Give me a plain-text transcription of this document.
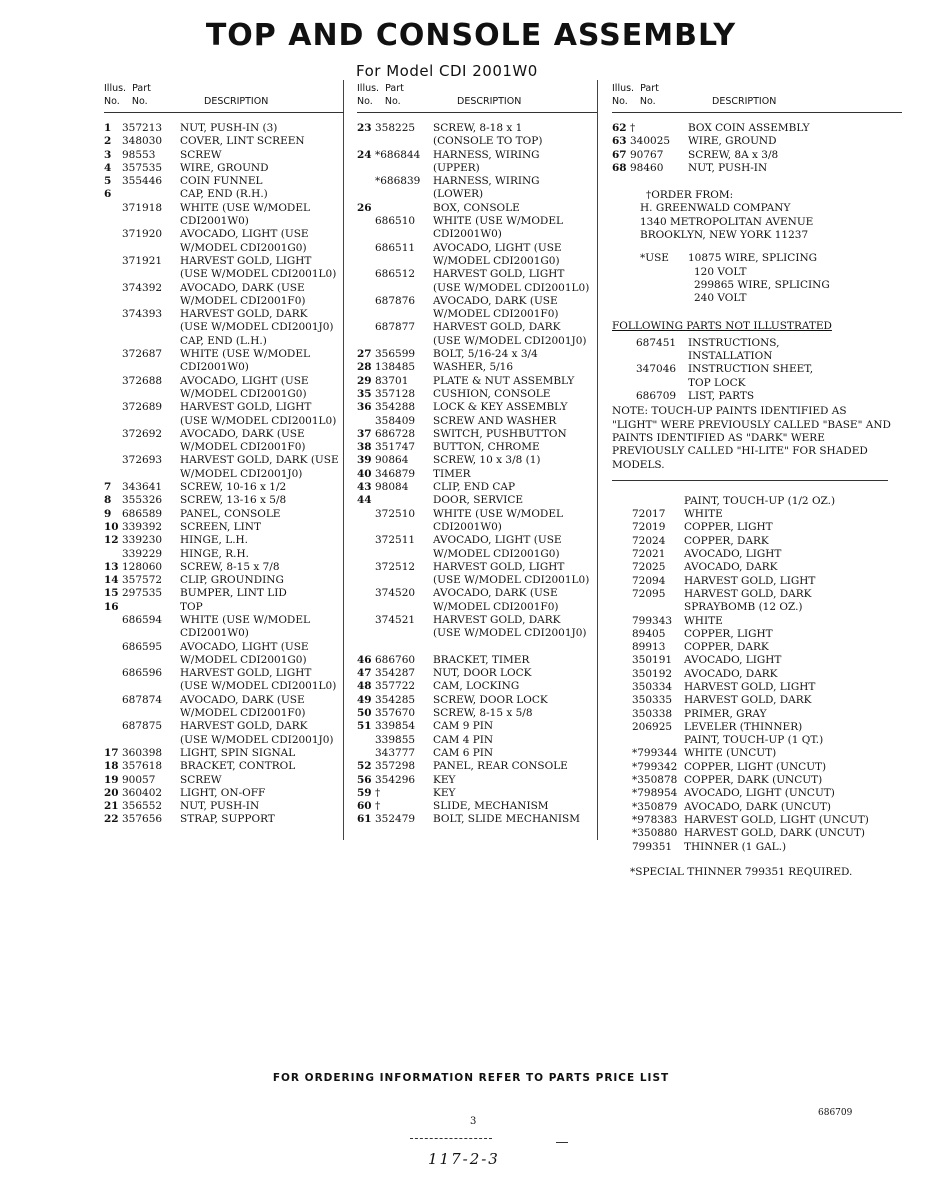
TOP AND CONSOLE ASSEMBLY
For Model CDI 2001W0
Illus. Part
No. No.	DESCRIPTION
1	357213	NUT, PUSH-IN (3)
2	348030	COVER, LINT SCREEN
3	98553	SCREW
4	357535	WIRE, GROUND
5	355446	COIN FUNNEL
6	CAP, END (R.H.)
371918	WHITE (USE W/MODEL
CDI2001W0)
371920	AVOCADO, LIGHT (USE
W/MODEL CDI2001G0)
371921	HARVEST GOLD, LIGHT
(USE W/MODEL CDI2001L0)
374392	AVOCADO, DARK (USE
W/MODEL CDI2001F0)
374393	HARVEST GOLD, DARK
(USE W/MODEL CDI2001J0)
CAP, END (L.H.)
372687	WHITE (USE W/MODEL
CDI2001W0)
372688	AVOCADO, LIGHT (USE
W/MODEL CDI2001G0)
372689	HARVEST GOLD, LIGHT
(USE W/MODEL CDI2001L0)
372692	AVOCADO, DARK (USE
W/MODEL CDI2001F0)
372693	HARVEST GOLD, DARK (USE
W/MODEL CDI2001J0)
7	343641	SCREW, 10-16 x 1/2
8	355326	SCREW, 13-16 x 5/8
9	686589	PANEL, CONSOLE
10 339392	SCREEN, LINT
12 339230	HINGE, L.H.
339229	HINGE, R.H.
13 128060	SCREW, 8-15 x 7/8
14 357572	CLIP, GROUNDING
15 297535	BUMPER, LINT LID
16	TOP
686594	WHITE (USE W/MODEL
CDI2001W0)
686595	AVOCADO, LIGHT (USE
W/MODEL CDI2001G0)
686596	HARVEST GOLD, LIGHT
(USE W/MODEL CDI2001L0)
687874	AVOCADO, DARK (USE
W/MODEL CDI2001F0)
687875	HARVEST GOLD, DARK
(USE W/MODEL CDI2001J0)
17 360398	LIGHT, SPIN SIGNAL
18 357618	BRACKET, CONTROL
19 90057	SCREW
20 360402	LIGHT, ON-OFF
21 356552	NUT, PUSH-IN
22 357656	STRAP, SUPPORT
Illus. Part
No. No.	DESCRIPTION
23 358225	SCREW, 8-18 x 1
(CONSOLE TO TOP)
24 *686844	HARNESS, WIRING
(UPPER)
*686839	HARNESS, WIRING
(LOWER)
26	BOX, CONSOLE
686510	WHITE (USE W/MODEL
CDI2001W0)
686511	AVOCADO, LIGHT (USE
W/MODEL CDI2001G0)
686512	HARVEST GOLD, LIGHT
(USE W/MODEL CDI2001L0)
687876	AVOCADO, DARK (USE
W/MODEL CDI2001F0)
687877	HARVEST GOLD, DARK
(USE W/MODEL CDI2001J0)
27 356599	BOLT, 5/16-24 x 3/4
28 138485	WASHER, 5/16
29 83701	PLATE & NUT ASSEMBLY
35 357128	CUSHION, CONSOLE
36 354288	LOCK & KEY ASSEMBLY
358409	SCREW AND WASHER
37 686728	SWITCH, PUSHBUTTON
38 351747	BUTTON, CHROME
39 90864	SCREW, 10 x 3/8 (1)
40 346879	TIMER
43 98084	CLIP, END CAP
44	DOOR, SERVICE
372510	WHITE (USE W/MODEL
CDI2001W0)
372511	AVOCADO, LIGHT (USE
W/MODEL CDI2001G0)
372512	HARVEST GOLD, LIGHT
(USE W/MODEL CDI2001L0)
374520	AVOCADO, DARK (USE
W/MODEL CDI2001F0)
374521	HARVEST GOLD, DARK
(USE W/MODEL CDI2001J0)
46 686760	BRACKET, TIMER
47 354287	NUT, DOOR LOCK
48 357722	CAM, LOCKING
49 354285	SCREW, DOOR LOCK
50 357670	SCREW, 8-15 x 5/8
51 339854	CAM 9 PIN
339855	CAM 4 PIN
343777	CAM 6 PIN
52 357298	PANEL, REAR CONSOLE
56 354296	KEY
59 †	KEY
60 †	SLIDE, MECHANISM
61 352479	BOLT, SLIDE MECHANISM
Illus. Part
No. No.	DESCRIPTION
62 †	BOX COIN ASSEMBLY
63 340025	WIRE, GROUND
67 90767	SCREW, 8A x 3/8
68 98460	NUT, PUSH-IN
†ORDER FROM:
H. GREENWALD COMPANY
1340 METROPOLITAN AVENUE
BROOKLYN, NEW YORK 11237
*USE 10875 WIRE, SPLICING
120 VOLT
299865 WIRE, SPLICING
240 VOLT
FOLLOWING PARTS NOT ILLUSTRATED
687451	INSTRUCTIONS,
INSTALLATION
347046	INSTRUCTION SHEET,
TOP LOCK
686709	LIST, PARTS
NOTE: TOUCH-UP PAINTS IDENTIFIED AS "LIGHT" WERE PREVIOUSLY CALLED "BASE" AND PAINTS IDENTIFIED AS "DARK" WERE PREVIOUSLY CALLED "HI-LITE" FOR SHADED MODELS.
PAINT, TOUCH-UP (1/2 OZ.)
72017	WHITE
72019	COPPER, LIGHT
72024	COPPER, DARK
72021	AVOCADO, LIGHT
72025	AVOCADO, DARK
72094	HARVEST GOLD, LIGHT
72095	HARVEST GOLD, DARK
SPRAYBOMB (12 OZ.)
799343	WHITE
89405	COPPER, LIGHT
89913	COPPER, DARK
350191	AVOCADO, LIGHT
350192	AVOCADO, DARK
350334	HARVEST GOLD, LIGHT
350335	HARVEST GOLD, DARK
350338	PRIMER, GRAY
206925	LEVELER (THINNER)
PAINT, TOUCH-UP (1 QT.)
*799344 WHITE (UNCUT)
*799342 COPPER, LIGHT (UNCUT)
*350878 COPPER, DARK (UNCUT)
*798954 AVOCADO, LIGHT (UNCUT)
*350879 AVOCADO, DARK (UNCUT)
*978383 HARVEST GOLD, LIGHT (UNCUT)
*350880 HARVEST GOLD, DARK (UNCUT)
799351	THINNER (1 GAL.)
*SPECIAL THINNER 799351 REQUIRED.
FOR ORDERING INFORMATION REFER TO PARTS PRICE LIST
3
686709
117-2-3
